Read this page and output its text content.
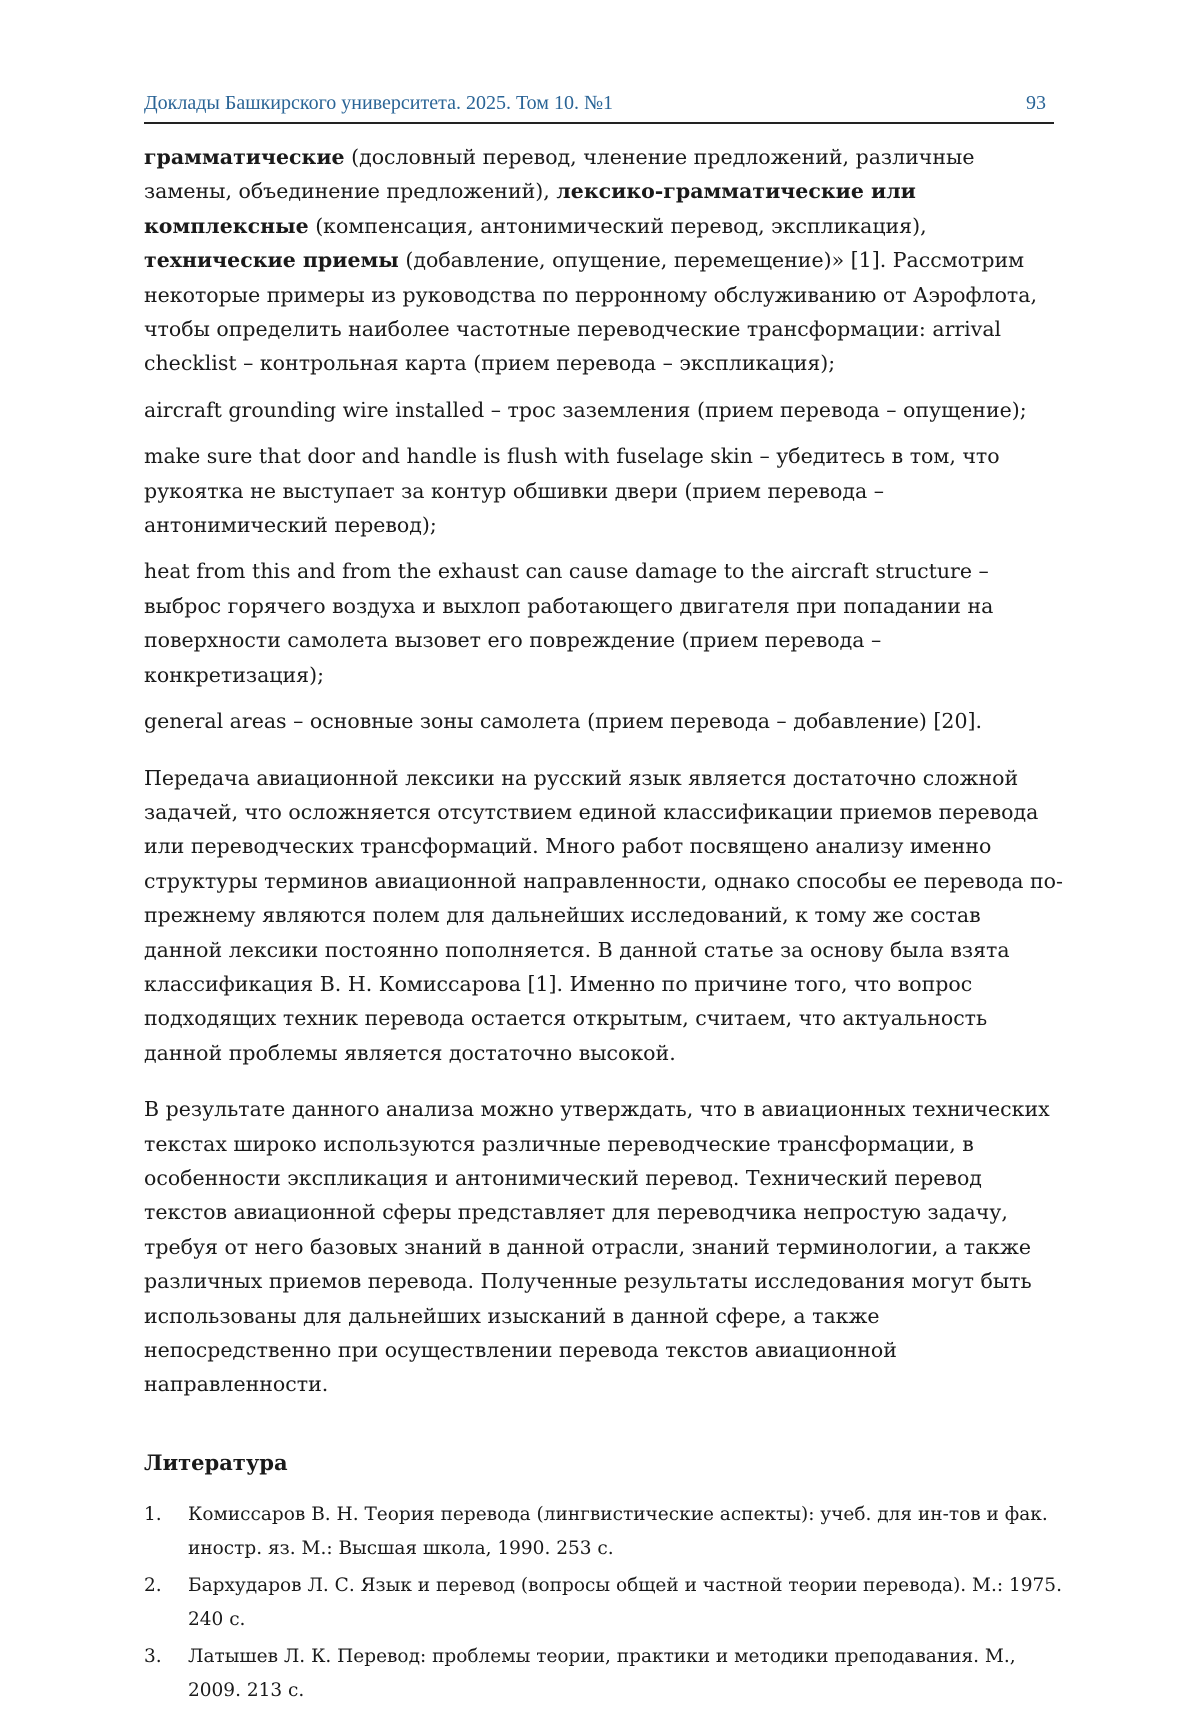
Доклады Башкирского университета. 2025. Том 10. №1	93

грамматические (дословный перевод, членение предложений, различные замены, объединение предложений), лексико-грамматические или комплексные (компенсация, антонимический перевод, экспликация), технические приемы (добавление, опущение, перемещение)» [1]. Рассмотрим некоторые примеры из руководства по перронному обслуживанию от Аэрофлота, чтобы определить наиболее частотные переводческие трансформации: arrival checklist – контрольная карта (прием перевода – экспликация);

aircraft grounding wire installed – трос заземления (прием перевода – опущение);

make sure that door and handle is flush with fuselage skin – убедитесь в том, что рукоятка не выступает за контур обшивки двери (прием перевода – антонимический перевод);

heat from this and from the exhaust can cause damage to the aircraft structure – выброс горячего воздуха и выхлоп работающего двигателя при попадании на поверхности самолета вызовет его повреждение (прием перевода – конкретизация);

general areas – основные зоны самолета (прием перевода – добавление) [20].

Передача авиационной лексики на русский язык является достаточно сложной задачей, что осложняется отсутствием единой классификации приемов перевода или переводческих трансформаций. Много работ посвящено анализу именно структуры терминов авиационной направленности, однако способы ее перевода по-прежнему являются полем для дальнейших исследований, к тому же состав данной лексики постоянно пополняется. В данной статье за основу была взята классификация В. Н. Комиссарова [1]. Именно по причине того, что вопрос подходящих техник перевода остается открытым, считаем, что актуальность данной проблемы является достаточно высокой.

В результате данного анализа можно утверждать, что в авиационных технических текстах широко используются различные переводческие трансформации, в особенности экспликация и антонимический перевод. Технический перевод текстов авиационной сферы представляет для переводчика непростую задачу, требуя от него базовых знаний в данной отрасли, знаний терминологии, а также различных приемов перевода. Полученные результаты исследования могут быть использованы для дальнейших изысканий в данной сфере, а также непосредственно при осуществлении перевода текстов авиационной направленности.

Литература
1. Комиссаров В. Н. Теория перевода (лингвистические аспекты): учеб. для ин-тов и фак. иностр. яз. М.: Высшая школа, 1990. 253 с.
2. Бархударов Л. С. Язык и перевод (вопросы общей и частной теории перевода). М.: 1975. 240 с.
3. Латышев Л. К. Перевод: проблемы теории, практики и методики преподавания. М., 2009. 213 с.
